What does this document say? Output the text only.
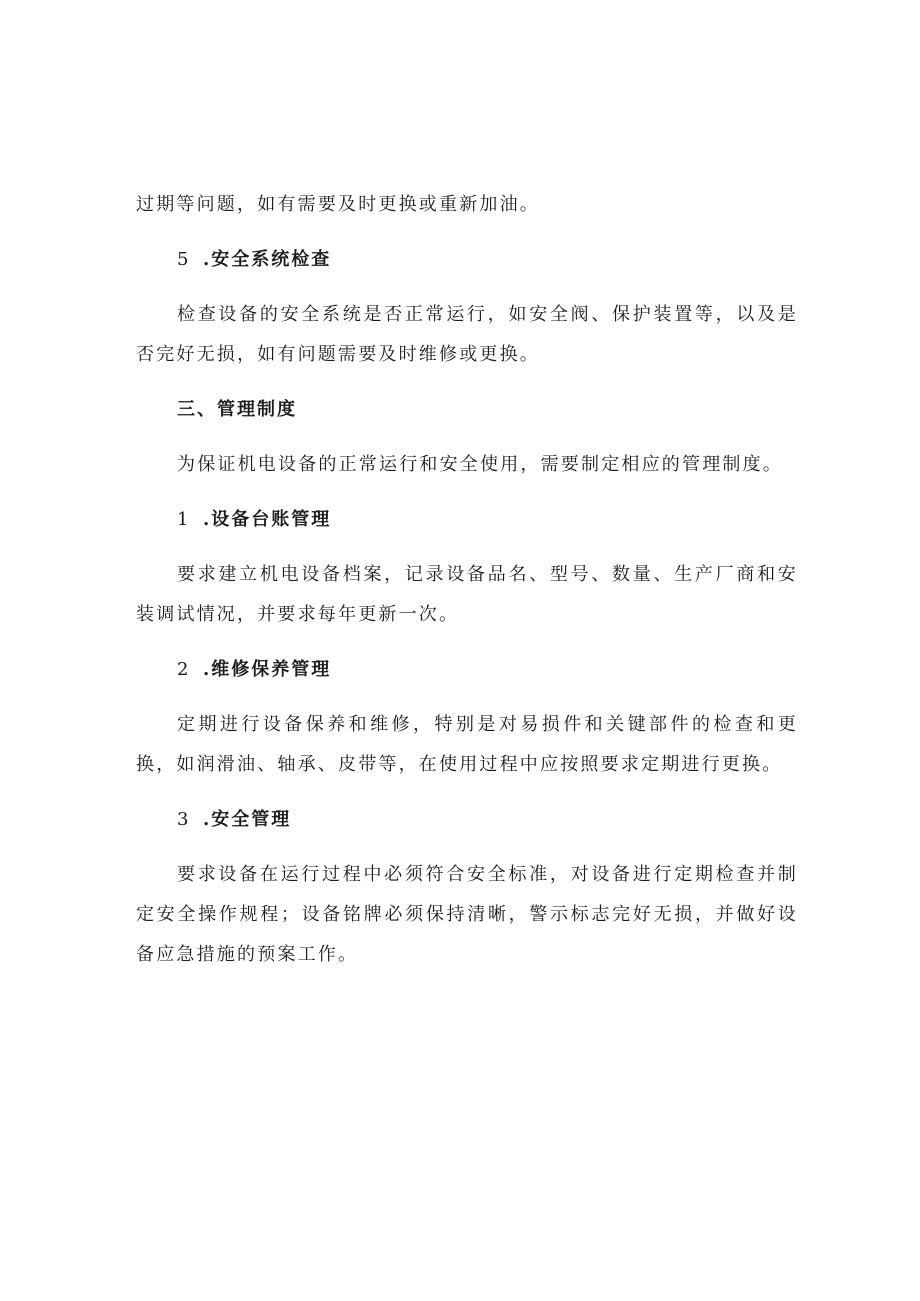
过期等问题，如有需要及时更换或重新加油。

5 .安全系统检查

检查设备的安全系统是否正常运行，如安全阀、保护装置等，以及是否完好无损，如有问题需要及时维修或更换。

三、管理制度

为保证机电设备的正常运行和安全使用，需要制定相应的管理制度。

1 .设备台账管理

要求建立机电设备档案，记录设备品名、型号、数量、生产厂商和安装调试情况，并要求每年更新一次。

2 .维修保养管理

定期进行设备保养和维修，特别是对易损件和关键部件的检查和更换，如润滑油、轴承、皮带等，在使用过程中应按照要求定期进行更换。

3 .安全管理

要求设备在运行过程中必须符合安全标准，对设备进行定期检查并制定安全操作规程；设备铭牌必须保持清晰，警示标志完好无损，并做好设备应急措施的预案工作。
